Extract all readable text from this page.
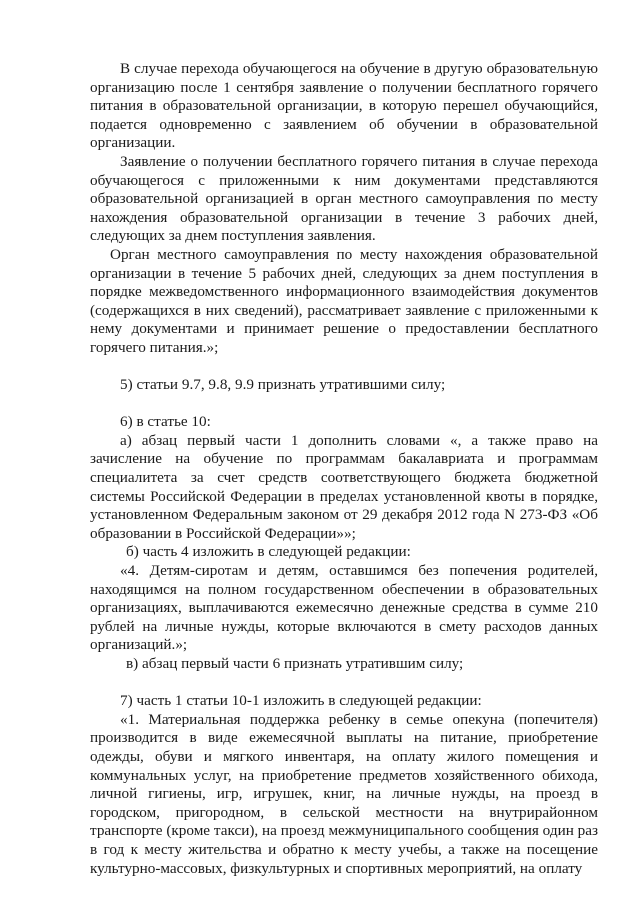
В случае перехода обучающегося на обучение в другую образовательную организацию после 1 сентября заявление о получении бесплатного горячего питания в образовательной организации, в которую перешел обучающийся, подается одновременно с заявлением об обучении в образовательной организации.

Заявление о получении бесплатного горячего питания в случае перехода обучающегося с приложенными к ним документами представляются образовательной организацией в орган местного самоуправления по месту нахождения образовательной организации в течение 3 рабочих дней, следующих за днем поступления заявления.

Орган местного самоуправления по месту нахождения образовательной организации в течение 5 рабочих дней, следующих за днем поступления в порядке межведомственного информационного взаимодействия документов (содержащихся в них сведений), рассматривает заявление с приложенными к нему документами и принимает решение о предоставлении бесплатного горячего питания.»;

5) статьи 9.7, 9.8, 9.9 признать утратившими силу;

6) в статье 10:

а) абзац первый части 1 дополнить словами «, а также право на зачисление на обучение по программам бакалавриата и программам специалитета за счет средств соответствующего бюджета бюджетной системы Российской Федерации в пределах установленной квоты в порядке, установленном Федеральным законом от 29 декабря 2012 года N 273-ФЗ «Об образовании в Российской Федерации»»;

б) часть 4 изложить в следующей редакции:

«4. Детям-сиротам и детям, оставшимся без попечения родителей, находящимся на полном государственном обеспечении в образовательных организациях, выплачиваются ежемесячно денежные средства в сумме 210 рублей на личные нужды, которые включаются в смету расходов данных организаций.»;

в) абзац первый части 6 признать утратившим силу;

7) часть 1 статьи 10-1 изложить в следующей редакции:

«1. Материальная поддержка ребенку в семье опекуна (попечителя) производится в виде ежемесячной выплаты на питание, приобретение одежды, обуви и мягкого инвентаря, на оплату жилого помещения и коммунальных услуг, на приобретение предметов хозяйственного обихода, личной гигиены, игр, игрушек, книг, на личные нужды, на проезд в городском, пригородном, в сельской местности на внутрирайонном транспорте (кроме такси), на проезд межмуниципального сообщения один раз в год к месту жительства и обратно к месту учебы, а также на посещение культурно-массовых, физкультурных и спортивных мероприятий, на оплату
